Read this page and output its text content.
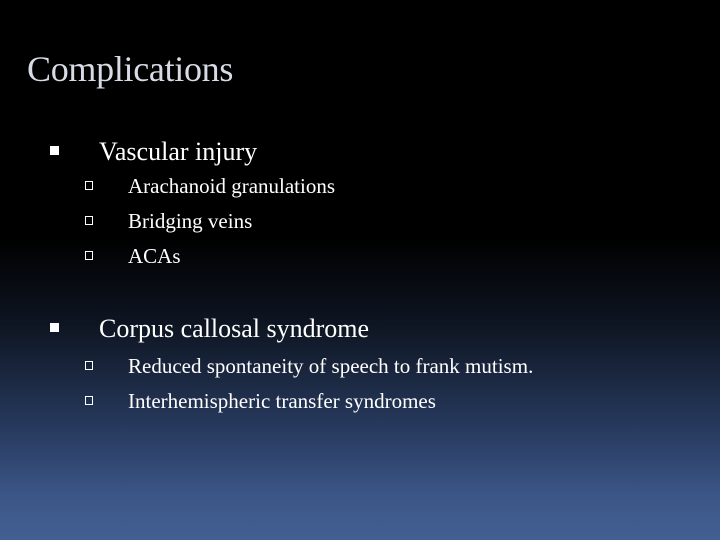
Complications
Vascular injury
Arachanoid granulations
Bridging veins
ACAs
Corpus callosal syndrome
Reduced spontaneity of speech to frank mutism.
Interhemispheric transfer syndromes
